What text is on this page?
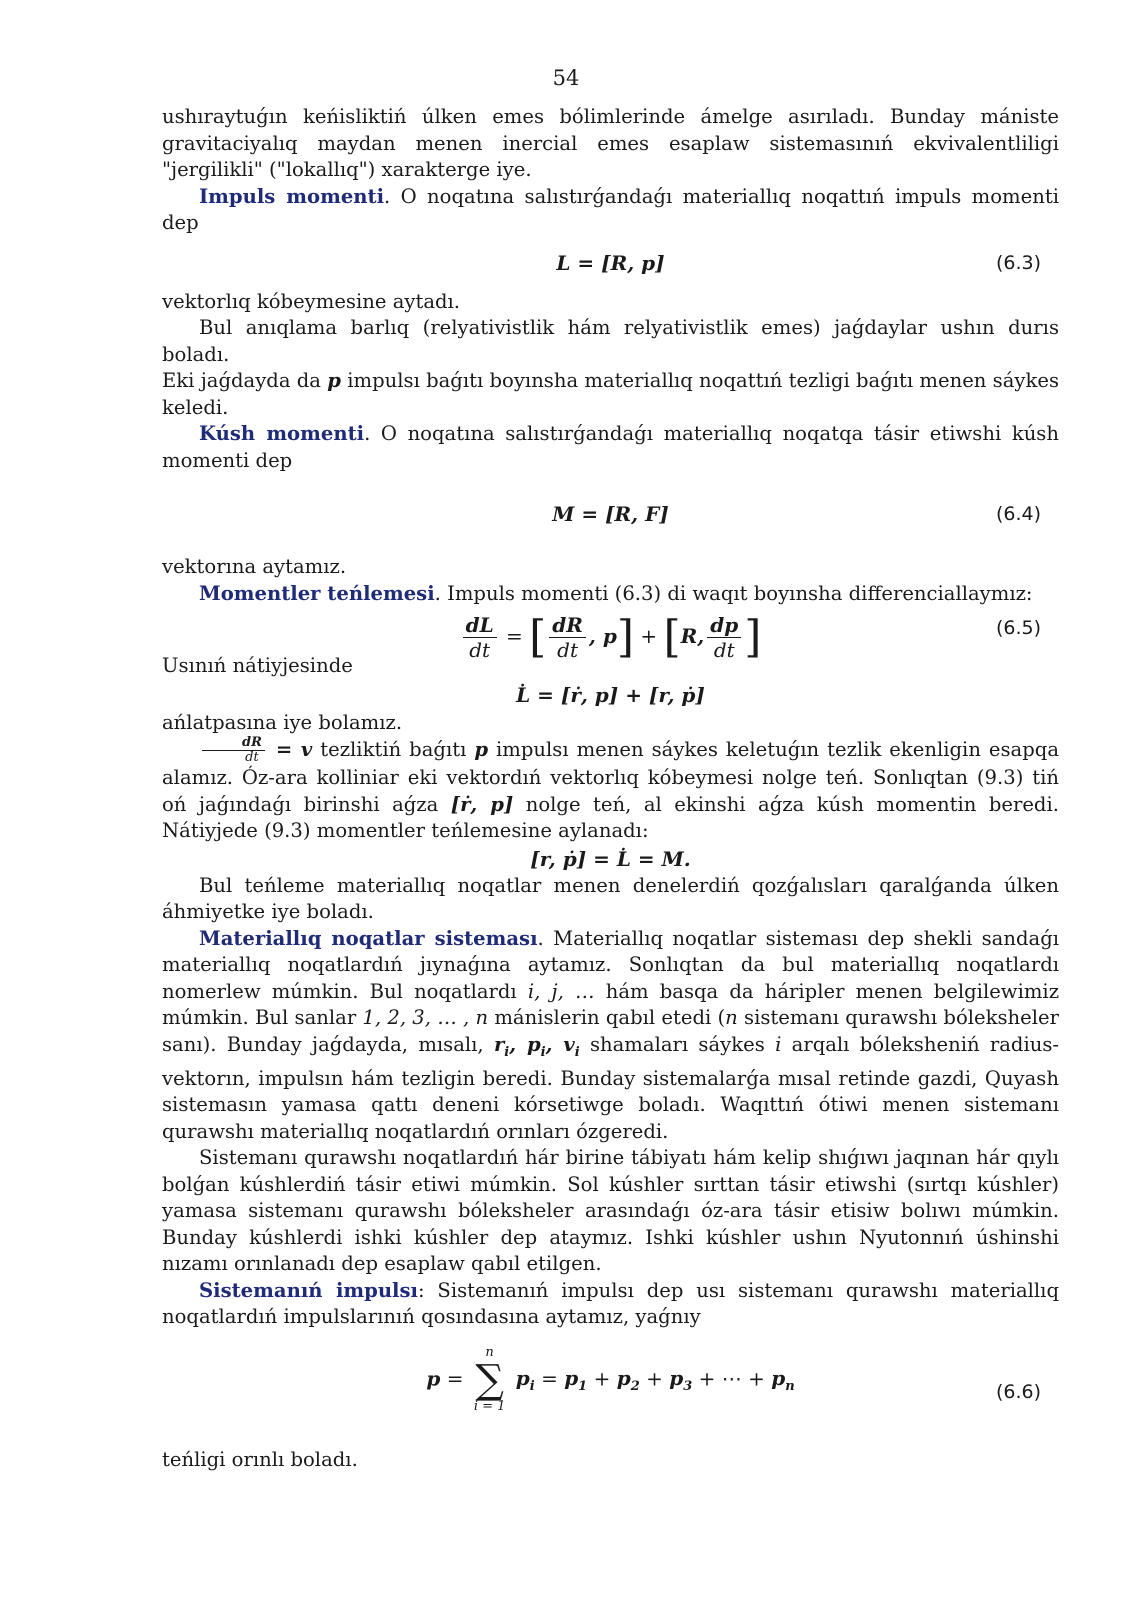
54

ushıraytuǵın keńisliktiń úlken emes bólimlerinde ámelge asırıladı. Bunday mániste gravitaciyalıq maydan menen inercial emes esaplaw sistemasınıń ekvivalentliligi "jergilikli" ("lokallıq") xarakterge iye.

Impuls momenti. O noqatına salıstırǵandaǵı materiallıq noqattıń impuls momenti dep

L = [R, p]	(6.3)

vektorlıq kóbeymesine aytadı.

Bul anıqlama barlıq (relyativistlik hám relyativistlik emes) jaǵdaylar ushın durıs boladı.

Eki jaǵdayda da p impulsı baǵıtı boyınsha materiallıq noqattıń tezligi baǵıtı menen sáykes keledi.

Kúsh momenti. O noqatına salıstırǵandaǵı materiallıq noqatqa tásir etiwshi kúsh momenti dep

M = [R, F]	(6.4)

vektorına aytamız.

Momentler teńlemesi. Impuls momenti (6.3) di waqıt boyınsha differenciallaymız:

$\frac{dL}{dt}$ = [ $\frac{dR}{dt}$ , p] + [R, $\frac{dp}{dt}$ ]	(6.5)

Usınıń nátiyjesinde

L̇ = [ṙ, p] + [r, ṗ]

ańlatpasına iye bolamız.

$\frac{dR}{dt} = v$ tezliktiń baǵıtı p impulsı menen sáykes keletuǵın tezlik ekenligin esapqa alamız. Óz-ara kolliniar eki vektordıń vektorlıq kóbeymesi nolge teń. Sonlıqtan (9.3) tiń oń jaǵındaǵı birinshi aǵza [ṙ, p] nolge teń, al ekinshi aǵza kúsh momentin beredi. Nátiyjede (9.3) momentler teńlemesine aylanadı:

[r, ṗ] = L̇ = M.

Bul teńleme materiallıq noqatlar menen denelerdiń qozǵalısları qaralǵanda úlken áhmiyetke iye boladı.

Materiallıq noqatlar sisteması. Materiallıq noqatlar sisteması dep shekli sandaǵı materiallıq noqatlardıń jıynaǵına aytamız. Sonlıqtan da bul materiallıq noqatlardı nomerlew múmkin. Bul noqatlardı i, j, … hám basqa da háripler menen belgilewimiz múmkin. Bul sanlar 1, 2, 3, … , n mánislerin qabıl etedi (n sistemanı qurawshı bóleksheler sanı). Bunday jaǵdayda, mısalı, $r_i$, $p_i$, $v_i$ shamaları sáykes i arqalı bóleksheniń radius-vektorın, impulsın hám tezligin beredi. Bunday sistemalarǵa mısal retinde gazdi, Quyash sistemasın yamasa qattı deneni kórsetiwge boladı. Waqıttıń ótiwi menen sistemanı qurawshı materiallıq noqatlardıń orınları ózgeredi.

Sistemanı qurawshı noqatlardıń hár birine tábiyatı hám kelip shıǵıwı jaqınan hár qıylı bolǵan kúshlerdiń tásir etiwi múmkin. Sol kúshler sırttan tásir etiwshi (sırtqı kúshler) yamasa sistemanı qurawshı bóleksheler arasındaǵı óz-ara tásir etisiw bolıwı múmkin. Bunday kúshlerdi ishki kúshler dep ataymız. Ishki kúshler ushın Nyutonnıń úshinshi nızamı orınlanadı dep esaplaw qabıl etilgen.

Sistemanıń impulsı: Sistemanıń impulsı dep usı sistemanı qurawshı materiallıq noqatlardıń impulslarınıń qosındasına aytamız, yaǵnıy

p =
n
∑
i = 1
$p_i = p_1 + p_2 + p_3$ + ⋯ + $p_n$	(6.6)

teńligi orınlı boladı.
